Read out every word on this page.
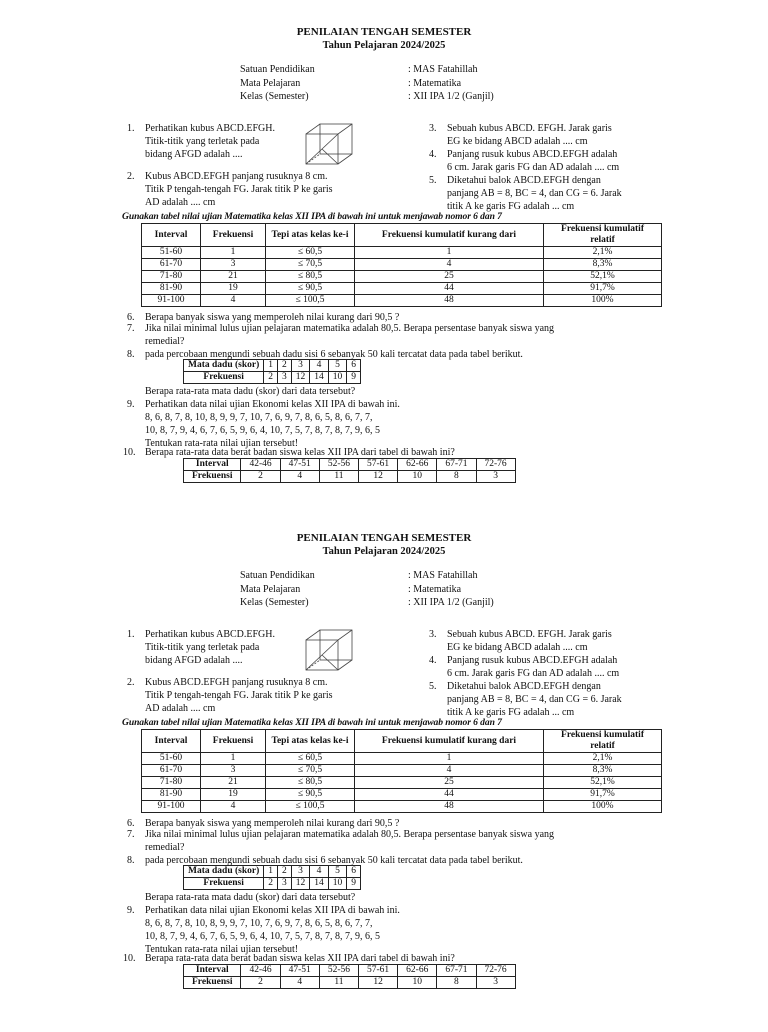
PENILAIAN TENGAH SEMESTER
Tahun Pelajaran 2024/2025
Satuan Pendidikan	: MAS Fatahillah
Mata Pelajaran	: Matematika
Kelas (Semester)	: XII IPA 1/2 (Ganjil)
1. Perhatikan kubus ABCD.EFGH.
Titik-titik yang terletak pada
bidang AFGD adalah ....
2. Kubus ABCD.EFGH panjang rusuknya 8 cm.
Titik P tengah-tengah FG. Jarak titik P ke garis
AD adalah .... cm
3. Sebuah kubus ABCD. EFGH. Jarak garis
EG ke bidang ABCD adalah .... cm
4. Panjang rusuk kubus ABCD.EFGH adalah
6 cm. Jarak garis FG dan AD adalah .... cm
5. Diketahui balok ABCD.EFGH dengan
panjang AB = 8, BC = 4, dan CG = 6. Jarak
titik A ke garis FG adalah ... cm
Gunakan tabel nilai ujian Matematika kelas XII IPA di bawah ini untuk menjawab nomor 6 dan 7
Interval	Frekuensi	Tepi atas kelas ke-i	Frekuensi kumulatif kurang dari	Frekuensi kumulatif relatif
51-60	1	≤ 60,5	1	2,1%
61-70	3	≤ 70,5	4	8,3%
71-80	21	≤ 80,5	25	52,1%
81-90	19	≤ 90,5	44	91,7%
91-100	4	≤ 100,5	48	100%
6. Berapa banyak siswa yang memperoleh nilai kurang dari 90,5 ?
7. Jika nilai minimal lulus ujian pelajaran matematika adalah 80,5. Berapa persentase banyak siswa yang
remedial?
8. pada percobaan mengundi sebuah dadu sisi 6 sebanyak 50 kali tercatat data pada tabel berikut.
Mata dadu (skor)	1	2	3	4	5	6
Frekuensi	2	3	12	14	10	9
Berapa rata-rata mata dadu (skor) dari data tersebut?
9. Perhatikan data nilai ujian Ekonomi kelas XII IPA di bawah ini.
8, 6, 8, 7, 8, 10, 8, 9, 9, 7, 10, 7, 6, 9, 7, 8, 6, 5, 8, 6, 7, 7,
10, 8, 7, 9, 4, 6, 7, 6, 5, 9, 6, 4, 10, 7, 5, 7, 8, 7, 8, 7, 9, 6, 5
Tentukan rata-rata nilai ujian tersebut!
10. Berapa rata-rata data berat badan siswa kelas XII IPA dari tabel di bawah ini?
Interval	42-46	47-51	52-56	57-61	62-66	67-71	72-76
Frekuensi	2	4	11	12	10	8	3
PENILAIAN TENGAH SEMESTER
Tahun Pelajaran 2024/2025
Satuan Pendidikan	: MAS Fatahillah
Mata Pelajaran	: Matematika
Kelas (Semester)	: XII IPA 1/2 (Ganjil)
1. Perhatikan kubus ABCD.EFGH.
Titik-titik yang terletak pada
bidang AFGD adalah ....
2. Kubus ABCD.EFGH panjang rusuknya 8 cm.
Titik P tengah-tengah FG. Jarak titik P ke garis
AD adalah .... cm
3. Sebuah kubus ABCD. EFGH. Jarak garis
EG ke bidang ABCD adalah .... cm
4. Panjang rusuk kubus ABCD.EFGH adalah
6 cm. Jarak garis FG dan AD adalah .... cm
5. Diketahui balok ABCD.EFGH dengan
panjang AB = 8, BC = 4, dan CG = 6. Jarak
titik A ke garis FG adalah ... cm
Gunakan tabel nilai ujian Matematika kelas XII IPA di bawah ini untuk menjawab nomor 6 dan 7
Interval	Frekuensi	Tepi atas kelas ke-i	Frekuensi kumulatif kurang dari	Frekuensi kumulatif relatif
51-60	1	≤ 60,5	1	2,1%
61-70	3	≤ 70,5	4	8,3%
71-80	21	≤ 80,5	25	52,1%
81-90	19	≤ 90,5	44	91,7%
91-100	4	≤ 100,5	48	100%
6. Berapa banyak siswa yang memperoleh nilai kurang dari 90,5 ?
7. Jika nilai minimal lulus ujian pelajaran matematika adalah 80,5. Berapa persentase banyak siswa yang
remedial?
8. pada percobaan mengundi sebuah dadu sisi 6 sebanyak 50 kali tercatat data pada tabel berikut.
Mata dadu (skor)	1	2	3	4	5	6
Frekuensi	2	3	12	14	10	9
Berapa rata-rata mata dadu (skor) dari data tersebut?
9. Perhatikan data nilai ujian Ekonomi kelas XII IPA di bawah ini.
8, 6, 8, 7, 8, 10, 8, 9, 9, 7, 10, 7, 6, 9, 7, 8, 6, 5, 8, 6, 7, 7,
10, 8, 7, 9, 4, 6, 7, 6, 5, 9, 6, 4, 10, 7, 5, 7, 8, 7, 8, 7, 9, 6, 5
Tentukan rata-rata nilai ujian tersebut!
10. Berapa rata-rata data berat badan siswa kelas XII IPA dari tabel di bawah ini?
Interval	42-46	47-51	52-56	57-61	62-66	67-71	72-76
Frekuensi	2	4	11	12	10	8	3
